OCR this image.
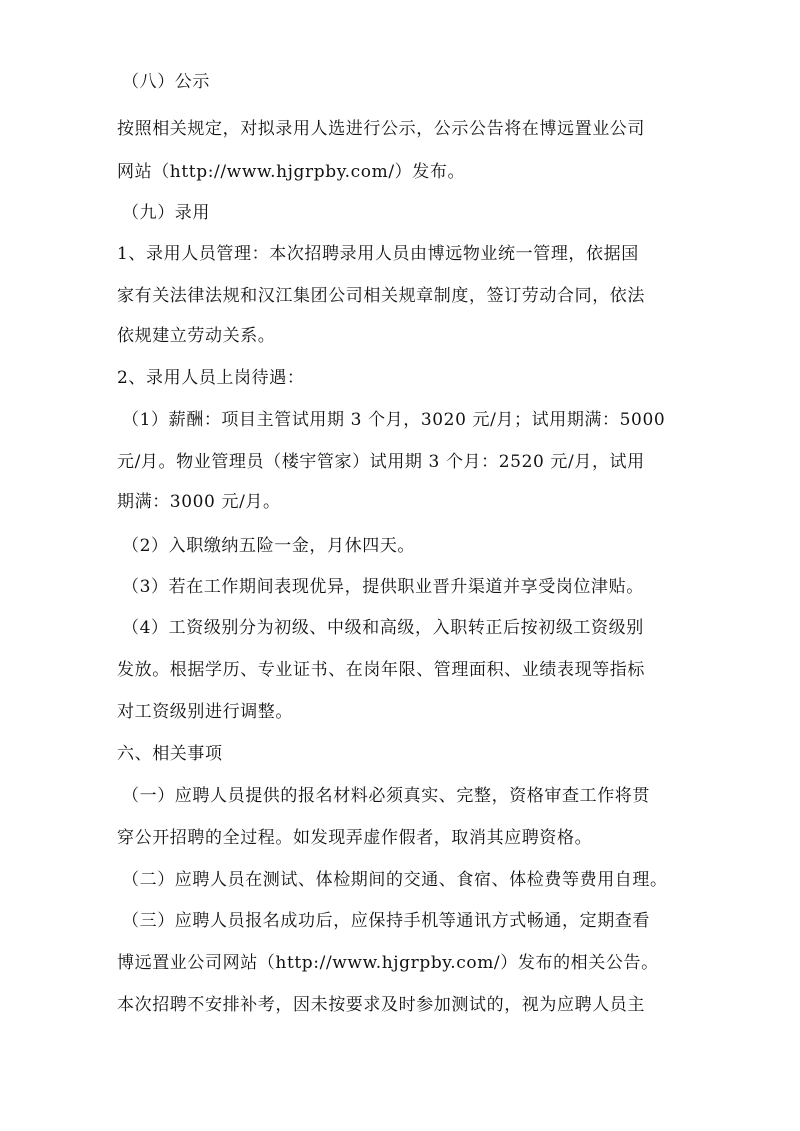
（八）公示
按照相关规定，对拟录用人选进行公示，公示公告将在博远置业公司
网站（http://www.hjgrpby.com/）发布。
（九）录用
1、录用人员管理：本次招聘录用人员由博远物业统一管理，依据国
家有关法律法规和汉江集团公司相关规章制度，签订劳动合同，依法
依规建立劳动关系。
2、录用人员上岗待遇：
（1）薪酬：项目主管试用期 3 个月，3020 元/月；试用期满：5000
元/月。物业管理员（楼宇管家）试用期 3 个月：2520 元/月，试用
期满：3000 元/月。
（2）入职缴纳五险一金，月休四天。
（3）若在工作期间表现优异，提供职业晋升渠道并享受岗位津贴。
（4）工资级别分为初级、中级和高级，入职转正后按初级工资级别
发放。根据学历、专业证书、在岗年限、管理面积、业绩表现等指标
对工资级别进行调整。
六、相关事项
（一）应聘人员提供的报名材料必须真实、完整，资格审查工作将贯
穿公开招聘的全过程。如发现弄虚作假者，取消其应聘资格。
（二）应聘人员在测试、体检期间的交通、食宿、体检费等费用自理。
（三）应聘人员报名成功后，应保持手机等通讯方式畅通，定期查看
博远置业公司网站（http://www.hjgrpby.com/）发布的相关公告。
本次招聘不安排补考，因未按要求及时参加测试的，视为应聘人员主
